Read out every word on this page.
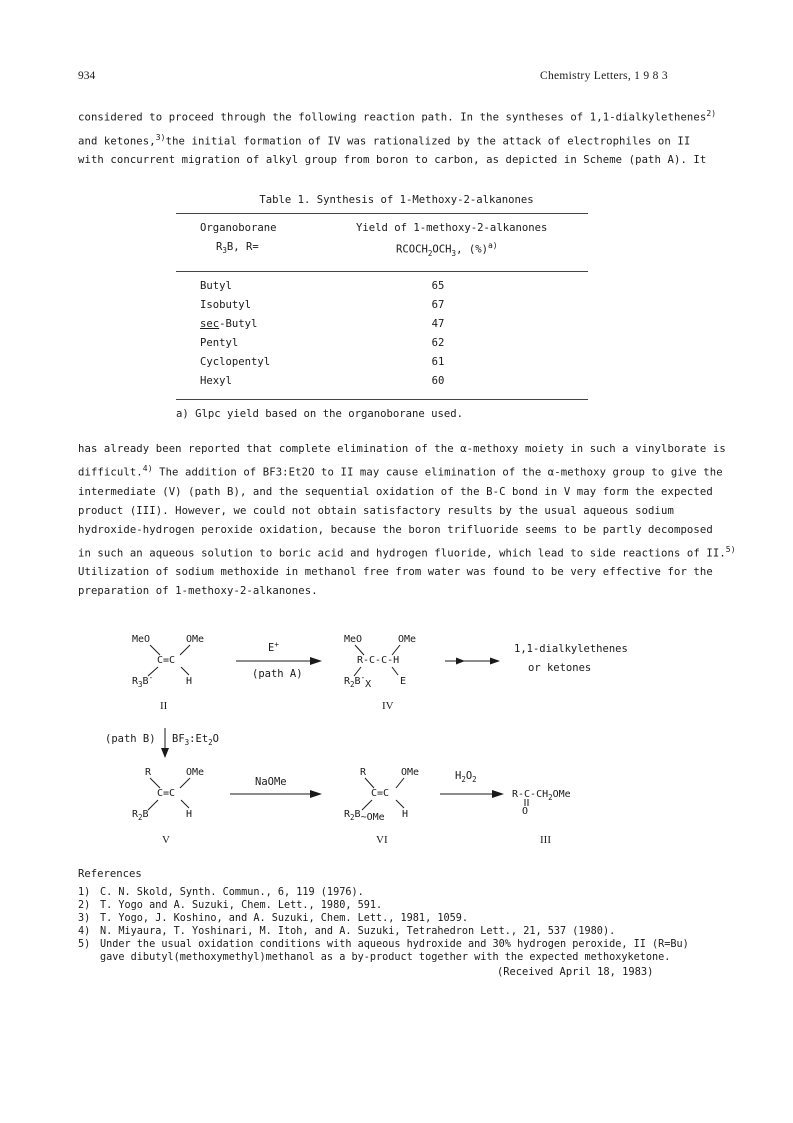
934	Chemistry Letters, 1 9 8 3

considered to proceed through the following reaction path. In the syntheses of 1,1-dialkylethenes$^{2)}$

and ketones,$^{3)}$the initial formation of IV was rationalized by the attack of electrophiles on II

with concurrent migration of alkyl group from boron to carbon, as depicted in Scheme (path A). It

Table 1. Synthesis of 1-Methoxy-2-alkanones
Organoborane
$R_3B$, R=
Yield of 1-methoxy-2-alkanones
$RCOCH_2OCH_3$, (%)$^{a)}$
Butyl	65
Isobutyl	67
sec-Butyl	47
Pentyl	62
Cyclopentyl	61
Hexyl	60
a) Glpc yield based on the organoborane used.

has already been reported that complete elimination of the α-methoxy moiety in such a vinylborate is

difficult.$^{4)}$ The addition of BF3:Et2O to II may cause elimination of the α-methoxy group to give the

intermediate (V) (path B), and the sequential oxidation of the B-C bond in V may form the expected

product (III). However, we could not obtain satisfactory results by the usual aqueous sodium

hydroxide-hydrogen peroxide oxidation, because the boron trifluoride seems to be partly decomposed

in such an aqueous solution to boric acid and hydrogen fluoride, which lead to side reactions of II.$^{5)}$

Utilization of sodium methoxide in methanol free from water was found to be very effective for the

preparation of 1-methoxy-2-alkanones.

MeO	OMe
C=C
$R_3B^-$	H
II
E+
(path A)
MeO	OMe
R-C-C-H
$R_2B^-X$	E
IV
1,1-dialkylethenes
or ketones
(path B) $BF_3:Et_2O$
R	OMe
C=C
$R_2B$	H
V
NaOMe
R	OMe
C=C
$R_2B\sim OMe$ H
VI
$H_2O_2$
$R-C-CH_2OMe$
O
III
References
1) C. N. Skold, Synth. Commun., 6, 119 (1976).
2) T. Yogo and A. Suzuki, Chem. Lett., 1980, 591.
3) T. Yogo, J. Koshino, and A. Suzuki, Chem. Lett., 1981, 1059.
4) N. Miyaura, T. Yoshinari, M. Itoh, and A. Suzuki, Tetrahedron Lett., 21, 537 (1980).
5) Under the usual oxidation conditions with aqueous hydroxide and 30% hydrogen peroxide, II (R=Bu)
gave dibutyl(methoxymethyl)methanol as a by-product together with the expected methoxyketone.
(Received April 18, 1983)
